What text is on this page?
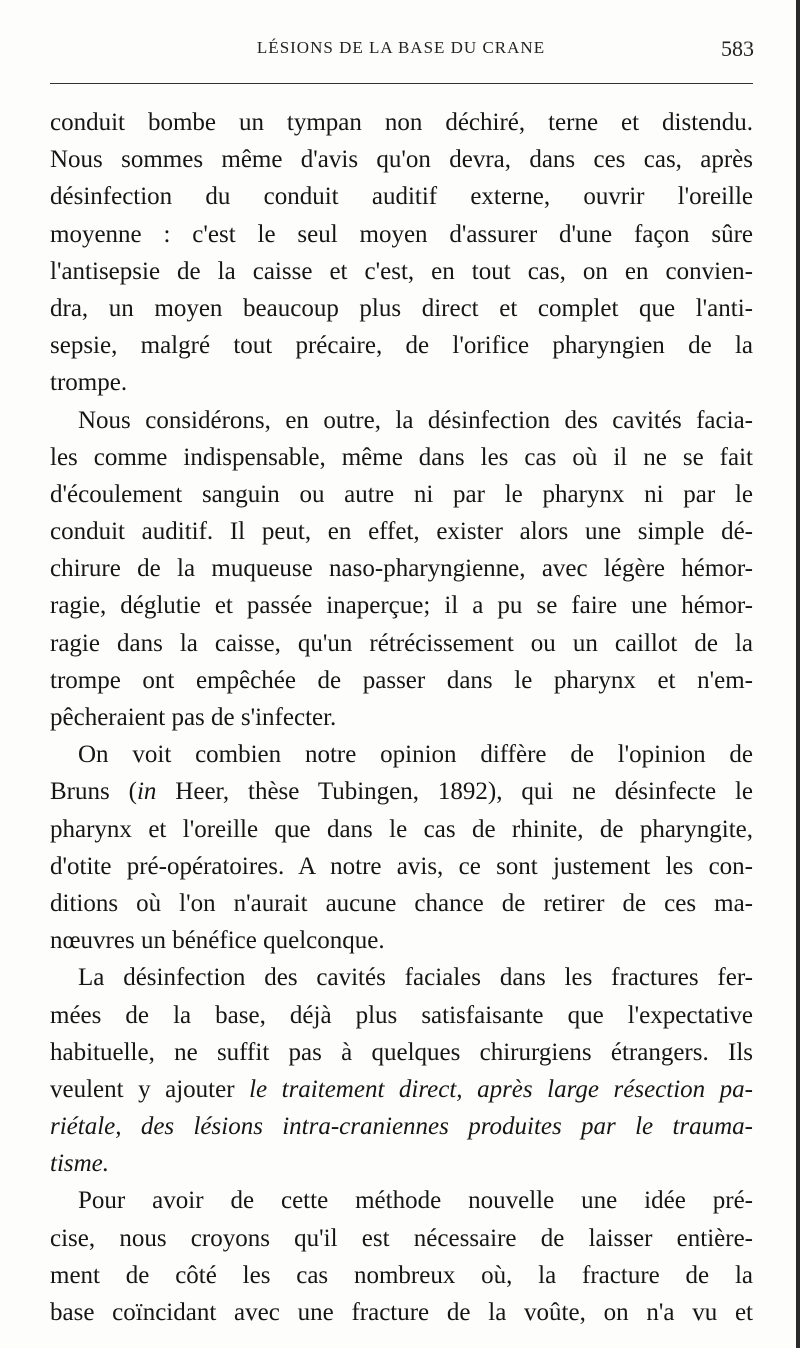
LÉSIONS DE LA BASE DU CRANE	583
conduit bombe un tympan non déchiré, terne et distendu.
Nous sommes même d'avis qu'on devra, dans ces cas, après
désinfection du conduit auditif externe, ouvrir l'oreille
moyenne : c'est le seul moyen d'assurer d'une façon sûre
l'antisepsie de la caisse et c'est, en tout cas, on en convien-
dra, un moyen beaucoup plus direct et complet que l'anti-
sepsie, malgré tout précaire, de l'orifice pharyngien de la
trompe.
Nous considérons, en outre, la désinfection des cavités facia-
les comme indispensable, même dans les cas où il ne se fait
d'écoulement sanguin ou autre ni par le pharynx ni par le
conduit auditif. Il peut, en effet, exister alors une simple dé-
chirure de la muqueuse naso-pharyngienne, avec légère hémor-
ragie, déglutie et passée inaperçue; il a pu se faire une hémor-
ragie dans la caisse, qu'un rétrécissement ou un caillot de la
trompe ont empêchée de passer dans le pharynx et n'em-
pêcheraient pas de s'infecter.
On voit combien notre opinion diffère de l'opinion de
Bruns (in Heer, thèse Tubingen, 1892), qui ne désinfecte le
pharynx et l'oreille que dans le cas de rhinite, de pharyngite,
d'otite pré-opératoires. A notre avis, ce sont justement les con-
ditions où l'on n'aurait aucune chance de retirer de ces ma-
nœuvres un bénéfice quelconque.
La désinfection des cavités faciales dans les fractures fer-
mées de la base, déjà plus satisfaisante que l'expectative
habituelle, ne suffit pas à quelques chirurgiens étrangers. Ils
veulent y ajouter le traitement direct, après large résection pa-
riétale, des lésions intra-craniennes produites par le trauma-
tisme.
Pour avoir de cette méthode nouvelle une idée pré-
cise, nous croyons qu'il est nécessaire de laisser entière-
ment de côté les cas nombreux où, la fracture de la
base coïncidant avec une fracture de la voûte, on n'a vu et
